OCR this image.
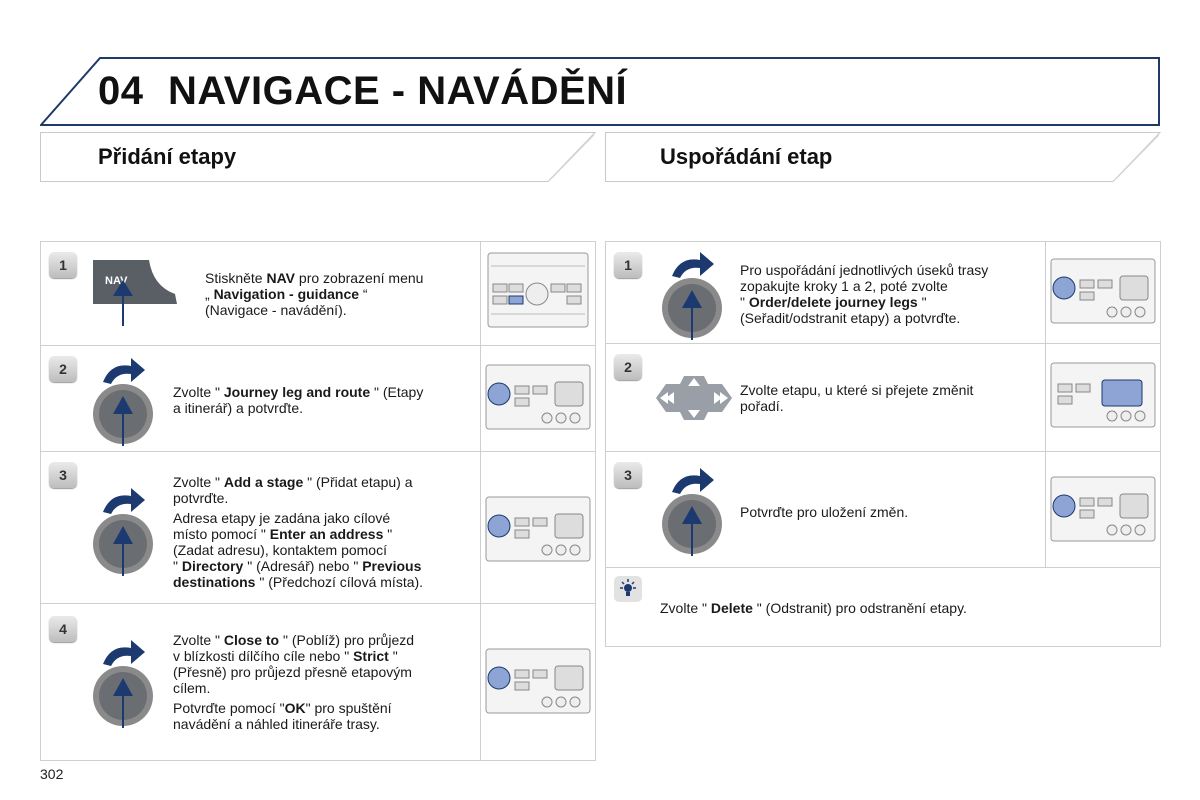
04 NAVIGACE - NAVÁDĚNÍ
Přidání etapy	Uspořádání etap
1
NAV	Stiskněte NAV pro zobrazení menu
„ Navigation - guidance “
(Navigace - navádění).
2
Zvolte " Journey leg and route " (Etapy
a itinerář) a potvrďte.
3	Zvolte " Add a stage " (Přidat etapu) a
potvrďte.

Adresa etapy je zadána jako cílové
místo pomocí " Enter an address "
(Zadat adresu), kontaktem pomocí
" Directory " (Adresář) nebo " Previous
destinations " (Předchozí cílová místa).

4

Zvolte " Close to " (Poblíž) pro průjezd
v blízkosti dílčího cíle nebo " Strict "
(Přesně) pro průjezd přesně etapovým
cílem.

Potvrďte pomocí "OK" pro spuštění
navádění a náhled itineráře trasy.

1	Pro uspořádání jednotlivých úseků trasy
zopakujte kroky 1 a 2, poté zvolte
" Order/delete journey legs "
(Seřadit/odstranit etapy) a potvrďte.
2
Zvolte etapu, u které si přejete změnit
pořadí.
3
Potvrďte pro uložení změn.
Zvolte " Delete " (Odstranit) pro odstranění etapy.
302
